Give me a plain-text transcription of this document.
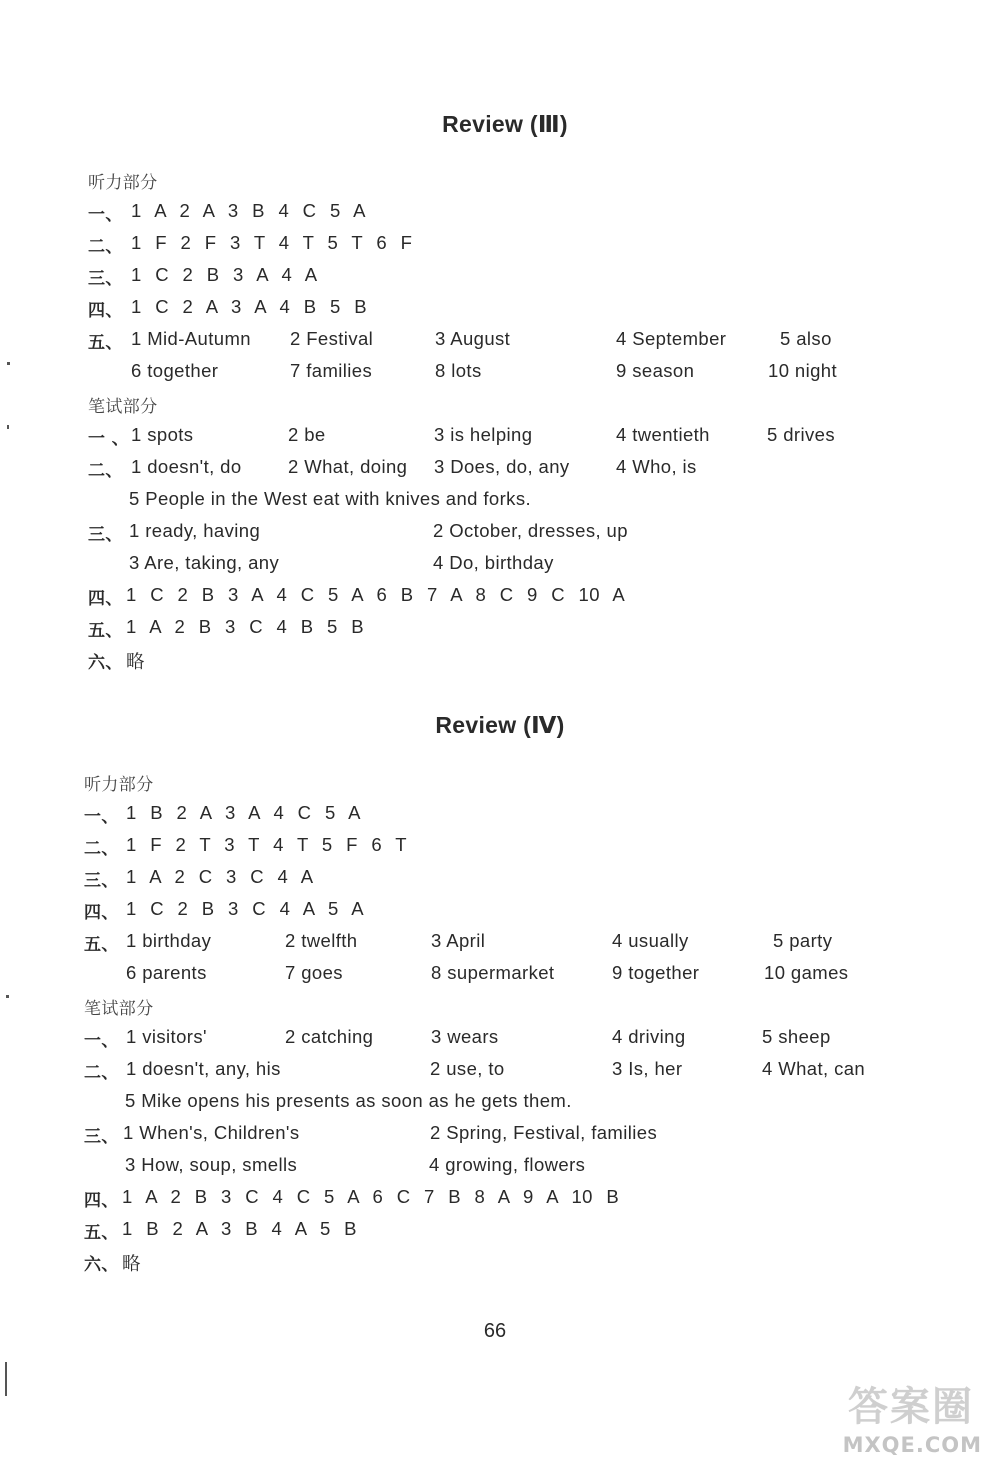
Review (Ⅲ)
听力部分
一、 1 A 2 A 3 B 4 C 5 A
二、 1 F 2 F 3 T 4 T 5 T 6 F
三、 1 C 2 B 3 A 4 A
四、 1 C 2 A 3 A 4 B 5 B
五、 1 Mid-Autumn 2 Festival	3 August	4 September	5 also
6 together	7 families	8 lots	9 season	10 night
笔试部分
一 、 1 spots	2 be	3 is helping	4 twentieth	5 drives
二、 1 doesn't, do	2 What, doing 3 Does, do, any	4 Who, is
5 People in the West eat with knives and forks.
三、 1 ready, having	2 October, dresses, up
3 Are, taking, any	4 Do, birthday
四、 1 C 2 B 3 A 4 C 5 A 6 B 7 A 8 C 9 C 10 A
五、 1 A 2 B 3 C 4 B 5 B
六、 略
Review (Ⅳ)
听力部分
一、 1 B 2 A 3 A 4 C 5 A
二、 1 F 2 T 3 T 4 T 5 F 6 T
三、 1 A 2 C 3 C 4 A
四、 1 C 2 B 3 C 4 A 5 A
五、 1 birthday	2 twelfth	3 April	4 usually	5 party
6 parents	7 goes	8 supermarket	9 together	10 games
笔试部分
一、 1 visitors'	2 catching	3 wears	4 driving	5 sheep
二、 1 doesn't, any, his	2 use, to	3 Is, her	4 What, can
5 Mike opens his presents as soon as he gets them.
三、 1 When's, Children's	2 Spring, Festival, families
3 How, soup, smells	4 growing, flowers
四、 1 A 2 B 3 C 4 C 5 A 6 C 7 B 8 A 9 A 10 B
五、 1 B 2 A 3 B 4 A 5 B
六、 略
66
答案圈
MXQE.COM
